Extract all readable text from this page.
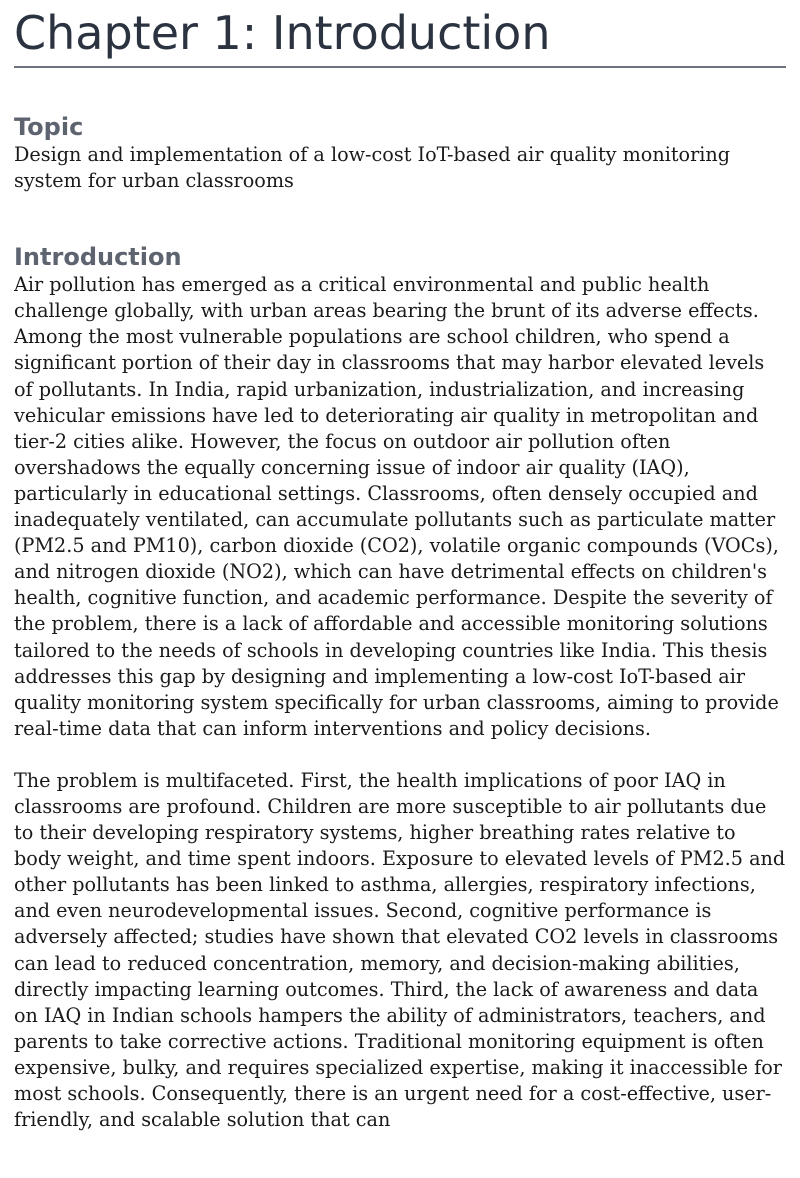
Chapter 1: Introduction
Topic

Design and implementation of a low-cost IoT-based air quality monitoring system for urban classrooms

Introduction

Air pollution has emerged as a critical environmental and public health challenge globally, with urban areas bearing the brunt of its adverse effects. Among the most vulnerable populations are school children, who spend a significant portion of their day in classrooms that may harbor elevated levels of pollutants. In India, rapid urbanization, industrialization, and increasing vehicular emissions have led to deteriorating air quality in metropolitan and tier-2 cities alike. However, the focus on outdoor air pollution often overshadows the equally concerning issue of indoor air quality (IAQ), particularly in educational settings. Classrooms, often densely occupied and inadequately ventilated, can accumulate pollutants such as particulate matter (PM2.5 and PM10), carbon dioxide (CO2), volatile organic compounds (VOCs), and nitrogen dioxide (NO2), which can have detrimental effects on children's health, cognitive function, and academic performance. Despite the severity of the problem, there is a lack of affordable and accessible monitoring solutions tailored to the needs of schools in developing countries like India. This thesis addresses this gap by designing and implementing a low-cost IoT-based air quality monitoring system specifically for urban classrooms, aiming to provide real-time data that can inform interventions and policy decisions.

The problem is multifaceted. First, the health implications of poor IAQ in classrooms are profound. Children are more susceptible to air pollutants due to their developing respiratory systems, higher breathing rates relative to body weight, and time spent indoors. Exposure to elevated levels of PM2.5 and other pollutants has been linked to asthma, allergies, respiratory infections, and even neurodevelopmental issues. Second, cognitive performance is adversely affected; studies have shown that elevated CO2 levels in classrooms can lead to reduced concentration, memory, and decision-making abilities, directly impacting learning outcomes. Third, the lack of awareness and data on IAQ in Indian schools hampers the ability of administrators, teachers, and parents to take corrective actions. Traditional monitoring equipment is often expensive, bulky, and requires specialized expertise, making it inaccessible for most schools. Consequently, there is an urgent need for a cost-effective, user-friendly, and scalable solution that can
